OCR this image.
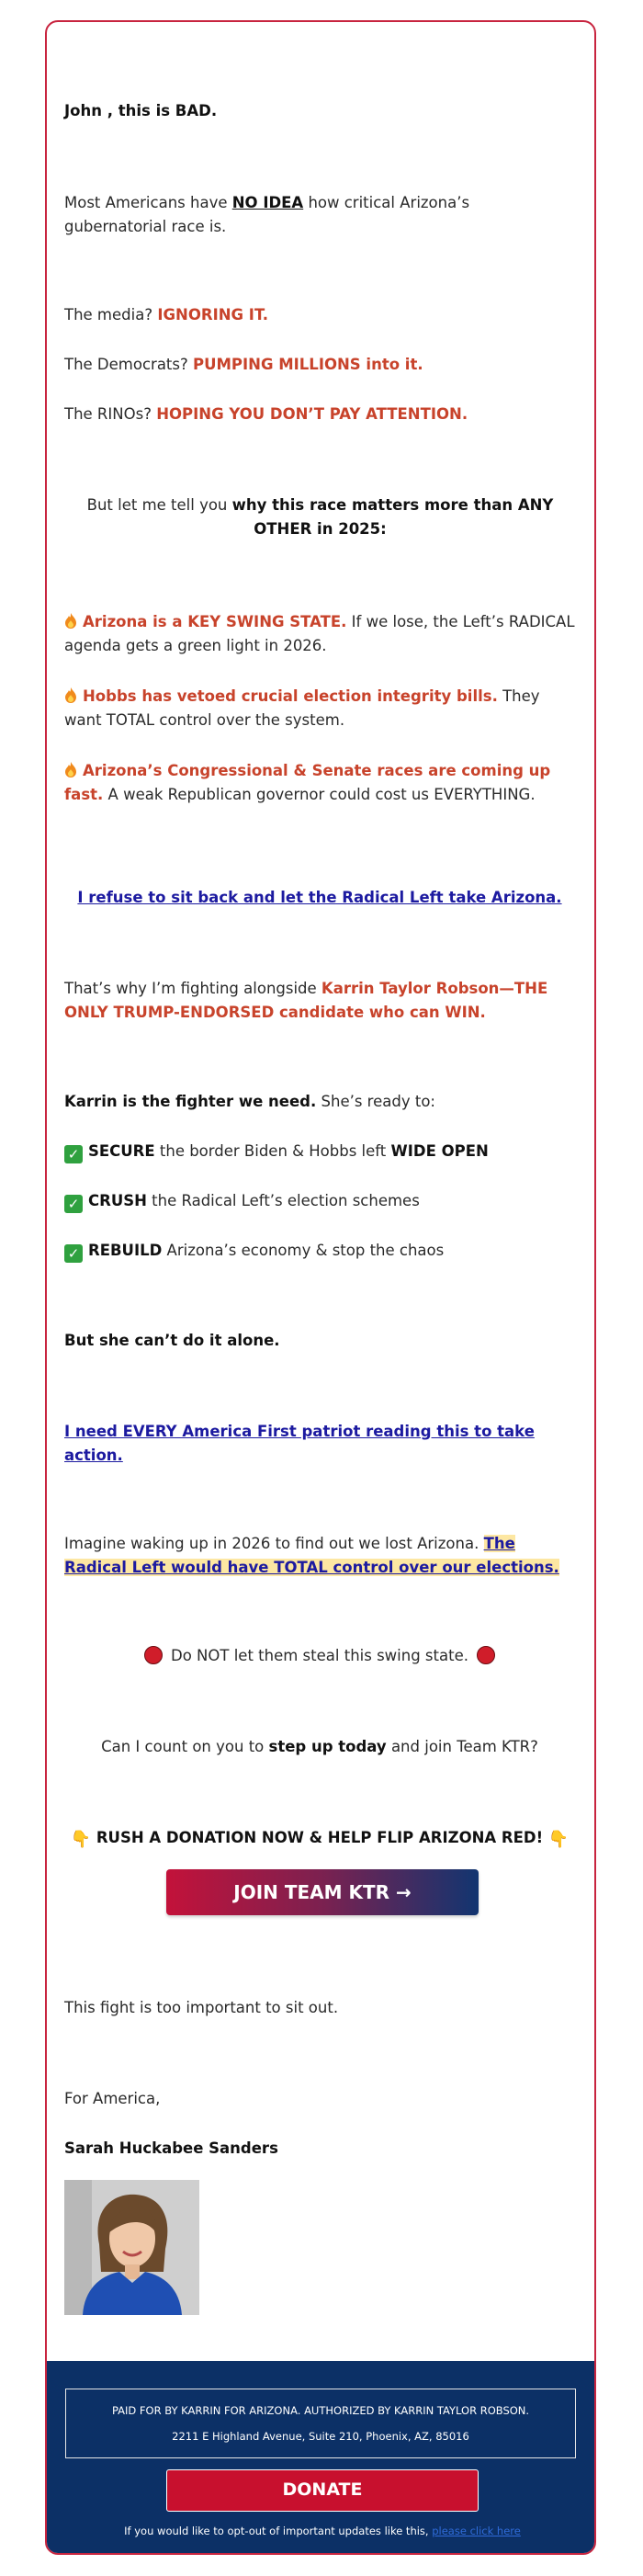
John , this is BAD.

Most Americans have NO IDEA how critical Arizona’s gubernatorial race is.

The media? IGNORING IT.

The Democrats? PUMPING MILLIONS into it.

The RINOs? HOPING YOU DON’T PAY ATTENTION.

But let me tell you why this race matters more than ANY OTHER in 2025:

Arizona is a KEY SWING STATE. If we lose, the Left’s RADICAL agenda gets a green light in 2026.

Hobbs has vetoed crucial election integrity bills. They want TOTAL control over the system.

Arizona’s Congressional & Senate races are coming up fast. A weak Republican governor could cost us EVERYTHING.

I refuse to sit back and let the Radical Left take Arizona.

That’s why I’m fighting alongside Karrin Taylor Robson—THE ONLY TRUMP-ENDORSED candidate who can WIN.

Karrin is the fighter we need. She’s ready to:

✓ SECURE the border Biden & Hobbs left WIDE OPEN

✓ CRUSH the Radical Left’s election schemes

✓ REBUILD Arizona’s economy & stop the chaos

But she can’t do it alone.

I need EVERY America First patriot reading this to take action.

Imagine waking up in 2026 to find out we lost Arizona. The Radical Left would have TOTAL control over our elections.

Do NOT let them steal this swing state.

Can I count on you to step up today and join Team KTR?

👇 RUSH A DONATION NOW & HELP FLIP ARIZONA RED! 👇

JOIN TEAM KTR →

This fight is too important to sit out.

For America,

Sarah Huckabee Sanders

PAID FOR BY KARRIN FOR ARIZONA. AUTHORIZED BY KARRIN TAYLOR ROBSON.
2211 E Highland Avenue, Suite 210, Phoenix, AZ, 85016
DONATE
If you would like to opt-out of important updates like this, please click here
